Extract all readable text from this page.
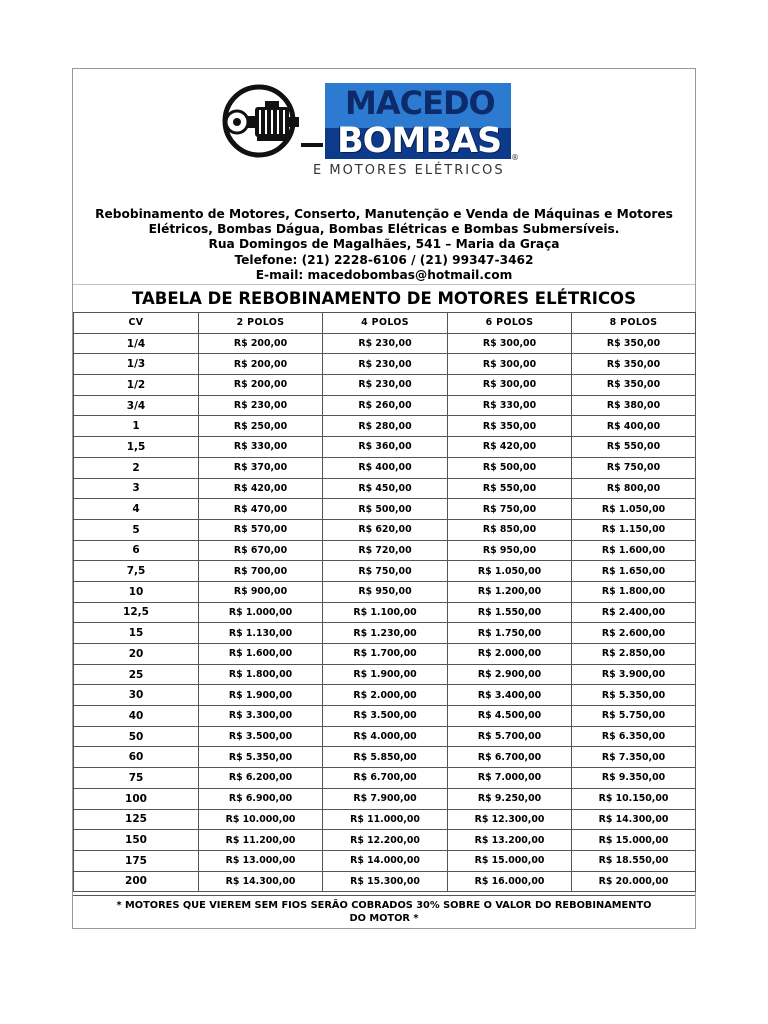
MACEDO
BOMBAS ®
E MOTORES ELÉTRICOS
Rebobinamento de Motores, Conserto, Manutenção e Venda de Máquinas e Motores
Elétricos, Bombas Dágua, Bombas Elétricas e Bombas Submersíveis.
Rua Domingos de Magalhães, 541 – Maria da Graça
Telefone: (21) 2228-6106 / (21) 99347-3462
E-mail: macedobombas@hotmail.com
TABELA DE REBOBINAMENTO DE MOTORES ELÉTRICOS
CV	2 POLOS	4 POLOS	6 POLOS	8 POLOS
1/4	R$ 200,00	R$ 230,00	R$ 300,00	R$ 350,00
1/3	R$ 200,00	R$ 230,00	R$ 300,00	R$ 350,00
1/2	R$ 200,00	R$ 230,00	R$ 300,00	R$ 350,00
3/4	R$ 230,00	R$ 260,00	R$ 330,00	R$ 380,00
1	R$ 250,00	R$ 280,00	R$ 350,00	R$ 400,00
1,5	R$ 330,00	R$ 360,00	R$ 420,00	R$ 550,00
2	R$ 370,00	R$ 400,00	R$ 500,00	R$ 750,00
3	R$ 420,00	R$ 450,00	R$ 550,00	R$ 800,00
4	R$ 470,00	R$ 500,00	R$ 750,00	R$ 1.050,00
5	R$ 570,00	R$ 620,00	R$ 850,00	R$ 1.150,00
6	R$ 670,00	R$ 720,00	R$ 950,00	R$ 1.600,00
7,5	R$ 700,00	R$ 750,00	R$ 1.050,00	R$ 1.650,00
10	R$ 900,00	R$ 950,00	R$ 1.200,00	R$ 1.800,00
12,5	R$ 1.000,00	R$ 1.100,00	R$ 1.550,00	R$ 2.400,00
15	R$ 1.130,00	R$ 1.230,00	R$ 1.750,00	R$ 2.600,00
20	R$ 1.600,00	R$ 1.700,00	R$ 2.000,00	R$ 2.850,00
25	R$ 1.800,00	R$ 1.900,00	R$ 2.900,00	R$ 3.900,00
30	R$ 1.900,00	R$ 2.000,00	R$ 3.400,00	R$ 5.350,00
40	R$ 3.300,00	R$ 3.500,00	R$ 4.500,00	R$ 5.750,00
50	R$ 3.500,00	R$ 4.000,00	R$ 5.700,00	R$ 6.350,00
60	R$ 5.350,00	R$ 5.850,00	R$ 6.700,00	R$ 7.350,00
75	R$ 6.200,00	R$ 6.700,00	R$ 7.000,00	R$ 9.350,00
100	R$ 6.900,00	R$ 7.900,00	R$ 9.250,00	R$ 10.150,00
125	R$ 10.000,00	R$ 11.000,00	R$ 12.300,00	R$ 14.300,00
150	R$ 11.200,00	R$ 12.200,00	R$ 13.200,00	R$ 15.000,00
175	R$ 13.000,00	R$ 14.000,00	R$ 15.000,00	R$ 18.550,00
200	R$ 14.300,00	R$ 15.300,00	R$ 16.000,00	R$ 20.000,00
* MOTORES QUE VIEREM SEM FIOS SERÃO COBRADOS 30% SOBRE O VALOR DO REBOBINAMENTO
DO MOTOR *
